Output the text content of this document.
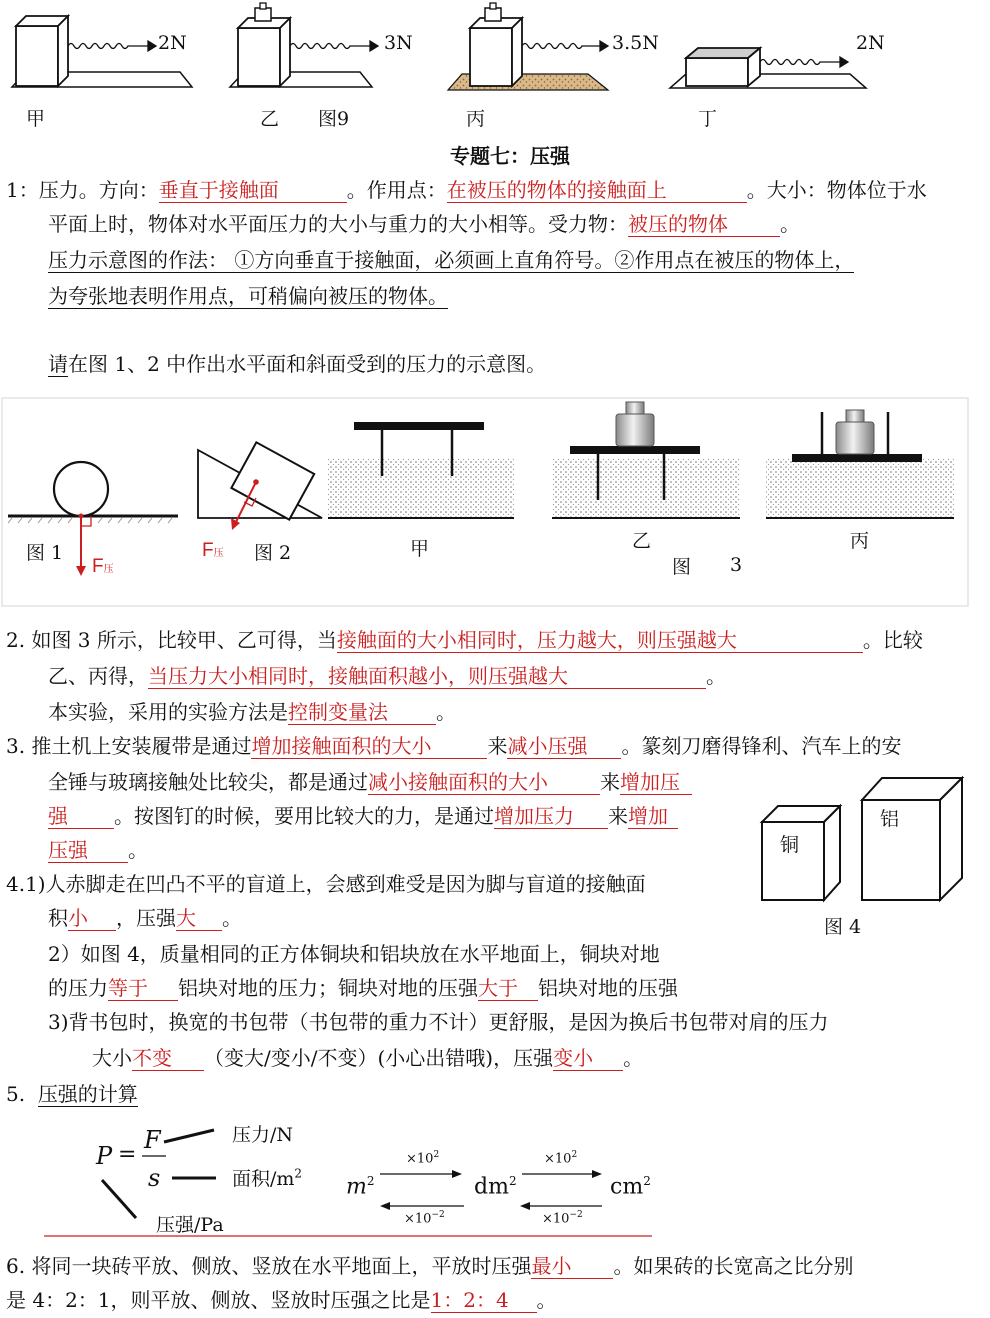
2N	3N	3.5N	2N
甲	乙 图9	丙	丁
专题七：压强
1：压力。方向：垂直于接触面	。作用点：在被压的物体的接触面上	。大小：物体位于水
平面上时，物体对水平面压力的大小与重力的大小相等。受力物：被压的物体	。
压力示意图的作法： ①方向垂直于接触面，必须画上直角符号。②作用点在被压的物体上，
为夸张地表明作用点，可稍偏向被压的物体。
请在图 1、2 中作出水平面和斜面受到的压力的示意图。
图 1
F压
F压 图 2	甲	乙	丙
图 3
2. 如图 3 所示，比较甲、乙可得，当接触面的大小相同时，压力越大，则压强越大	。比较
乙、丙得，当压力大小相同时，接触面积越小，则压强越大	。
本实验，采用的实验方法是控制变量法 。
3. 推土机上安装履带是通过增加接触面积的大小	来减小压强 。篆刻刀磨得锋利、汽车上的安
全锤与玻璃接触处比较尖，都是通过减小接触面积的大小	来增加压
强 。按图钉的时候，要用比较大的力，是通过增加压力 来增加
压强 。	铜
铝
图 4
4.1)人赤脚走在凹凸不平的盲道上，会感到难受是因为脚与盲道的接触面
积小 ，压强大 。
2）如图 4，质量相同的正方体铜块和铝块放在水平地面上，铜块对地
的压力等于 铝块对地的压力；铜块对地的压强大于 铝块对地的压强
3)背书包时，换宽的书包带（书包带的重力不计）更舒服，是因为换后书包带对肩的压力
大小不变 （变大/变小/不变）(小心出错哦)，压强变小 。
5. 压强的计算
P =
F
s
压力/N
面积$/m^2$
压强/Pa
$m^2$	$dm^2$	$cm^2$
$\times 10^2$	$\times 10^2$
$\times 10^{-2}$	$\times 10^{-2}$
6. 将同一块砖平放、侧放、竖放在水平地面上，平放时压强最小 。如果砖的长宽高之比分别
是 4：2：1，则平放、侧放、竖放时压强之比是1：2：4 。
